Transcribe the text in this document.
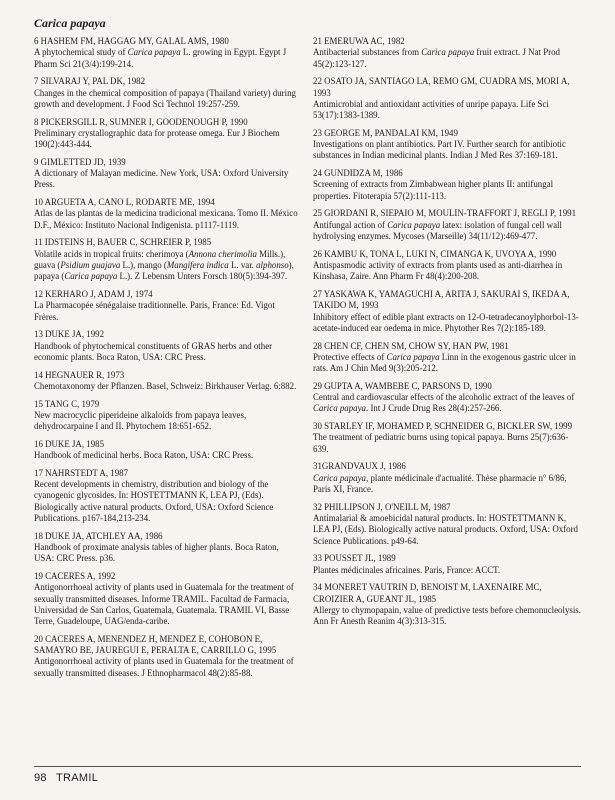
Carica papaya
6 HASHEM FM, HAGGAG MY, GALAL AMS, 1980
A phytochemical study of Carica papaya L. growing in Egypt. Egypt J Pharm Sci 21(3/4):199-214.
7 SILVARAJ Y, PAL DK, 1982
Changes in the chemical composition of papaya (Thailand variety) during growth and development. J Food Sci Technol 19:257-259.
8 PICKERSGILL R, SUMNER I, GOODENOUGH P, 1990
Preliminary crystallographic data for protease omega. Eur J Biochem 190(2):443-444.
9 GIMLETTED JD, 1939
A dictionary of Malayan medicine. New York, USA: Oxford University Press.
10 ARGUETA A, CANO L, RODARTE ME, 1994
Atlas de las plantas de la medicina tradicional mexicana. Tomo II. México D.F., México: Instituto Nacional Indigenista. p1117-1119.
11 IDSTEINS H, BAUER C, SCHREIER P, 1985
Volatile acids in tropical fruits: cherimoya (Annona cherimolia Mills.), guava (Psidium guajava L.), mango (Mangifera indica L. var. alphonso), papaya (Carica papaya L.). Z Lebensm Unters Forsch 180(5):394-397.
12 KERHARO J, ADAM J, 1974
La Pharmacopée sénégalaise traditionnelle. Paris, France: Ed. Vigot Frères.
13 DUKE JA, 1992
Handbook of phytochemical constituents of GRAS herbs and other economic plants. Boca Raton, USA: CRC Press.
14 HEGNAUER R, 1973
Chemotaxonomy der Pflanzen. Basel, Schweiz: Birkhauser Verlag. 6:882.
15 TANG C, 1979
New macrocyclic piperideine alkaloids from papaya leaves, dehydrocarpaine I and II. Phytochem 18:651-652.
16 DUKE JA, 1985
Handbook of medicinal herbs. Boca Raton, USA: CRC Press.
17 NAHRSTEDT A, 1987
Recent developments in chemistry, distribution and biology of the cyanogenic glycosides. In: HOSTETTMANN K, LEA PJ, (Eds). Biologically active natural products. Oxford, USA: Oxford Science Publications. p167-184,213-234.
18 DUKE JA, ATCHLEY AA, 1986
Handbook of proximate analysis tables of higher plants. Boca Raton, USA: CRC Press. p36.
19 CACERES A, 1992
Antigonorrhoeal activity of plants used in Guatemala for the treatment of sexually transmitted diseases. Informe TRAMIL. Facultad de Farmacia, Universidad de San Carlos, Guatemala, Guatemala. TRAMIL VI, Basse Terre, Guadeloupe, UAG/enda-caribe.
20 CACERES A, MENENDEZ H, MENDEZ E, COHOBON E, SAMAYRO BE, JAUREGUI E, PERALTA E, CARRILLO G, 1995
Antigonorrhoeal activity of plants used in Guatemala for the treatment of sexually transmitted diseases. J Ethnopharmacol 48(2):85-88.
21 EMERUWA AC, 1982
Antibacterial substances from Carica papaya fruit extract. J Nat Prod 45(2):123-127.
22 OSATO JA, SANTIAGO LA, REMO GM, CUADRA MS, MORI A, 1993
Antimicrobial and antioxidant activities of unripe papaya. Life Sci 53(17):1383-1389.
23 GEORGE M, PANDALAI KM, 1949
Investigations on plant antibiotics. Part IV. Further search for antibiotic substances in Indian medicinal plants. Indian J Med Res 37:169-181.
24 GUNDIDZA M, 1986
Screening of extracts from Zimbabwean higher plants II: antifungal properties. Fitoterapia 57(2):111-113.
25 GIORDANI R, SIEPAIO M, MOULIN-TRAFFORT J, REGLI P, 1991
Antifungal action of Carica papaya latex: isolation of fungal cell wall hydrolysing enzymes. Mycoses (Marseille) 34(11/12):469-477.
26 KAMBU K, TONA L, LUKI N, CIMANGA K, UVOYA A, 1990
Antispasmodic activity of extracts from plants used as anti-diarrhea in Kinshasa, Zaire. Ann Pharm Fr 48(4):200-208.
27 YASKAWA K, YAMAGUCHI A, ARITA J, SAKURAI S, IKEDA A, TAKIDO M, 1993
Inhibitory effect of edible plant extracts on 12-O-tetradecanoylphorbol-13-acetate-induced ear oedema in mice. Phytother Res 7(2):185-189.
28 CHEN CF, CHEN SM, CHOW SY, HAN PW, 1981
Protective effects of Carica papaya Linn in the exogenous gastric ulcer in rats. Am J Chin Med 9(3):205-212.
29 GUPTA A, WAMBEBE C, PARSONS D, 1990
Central and cardiovascular effects of the alcoholic extract of the leaves of Carica papaya. Int J Crude Drug Res 28(4):257-266.
30 STARLEY IF, MOHAMED P, SCHNEIDER G, BICKLER SW, 1999
The treatment of pediatric burns using topical papaya. Burns 25(7):636-639.
31GRANDVAUX J, 1986
Carica papaya, plante médicinale d'actualité. Thèse pharmacie n° 6/86, Paris XI, France.
32 PHILLIPSON J, O'NEILL M, 1987
Antimalarial & amoebicidal natural products. In: HOSTETTMANN K, LEA PJ, (Eds). Biologically active natural products. Oxford, USA: Oxford Science Publications. p49-64.
33 POUSSET JL, 1989
Plantes médicinales africaines. Paris, France: ACCT.
34 MONERET VAUTRIN D, BENOIST M, LAXENAIRE MC, CROIZIER A, GUEANT JL, 1985
Allergy to chymopapain, value of predictive tests before chemonucleolysis. Ann Fr Anesth Reanim 4(3):313-315.
98 TRAMIL
